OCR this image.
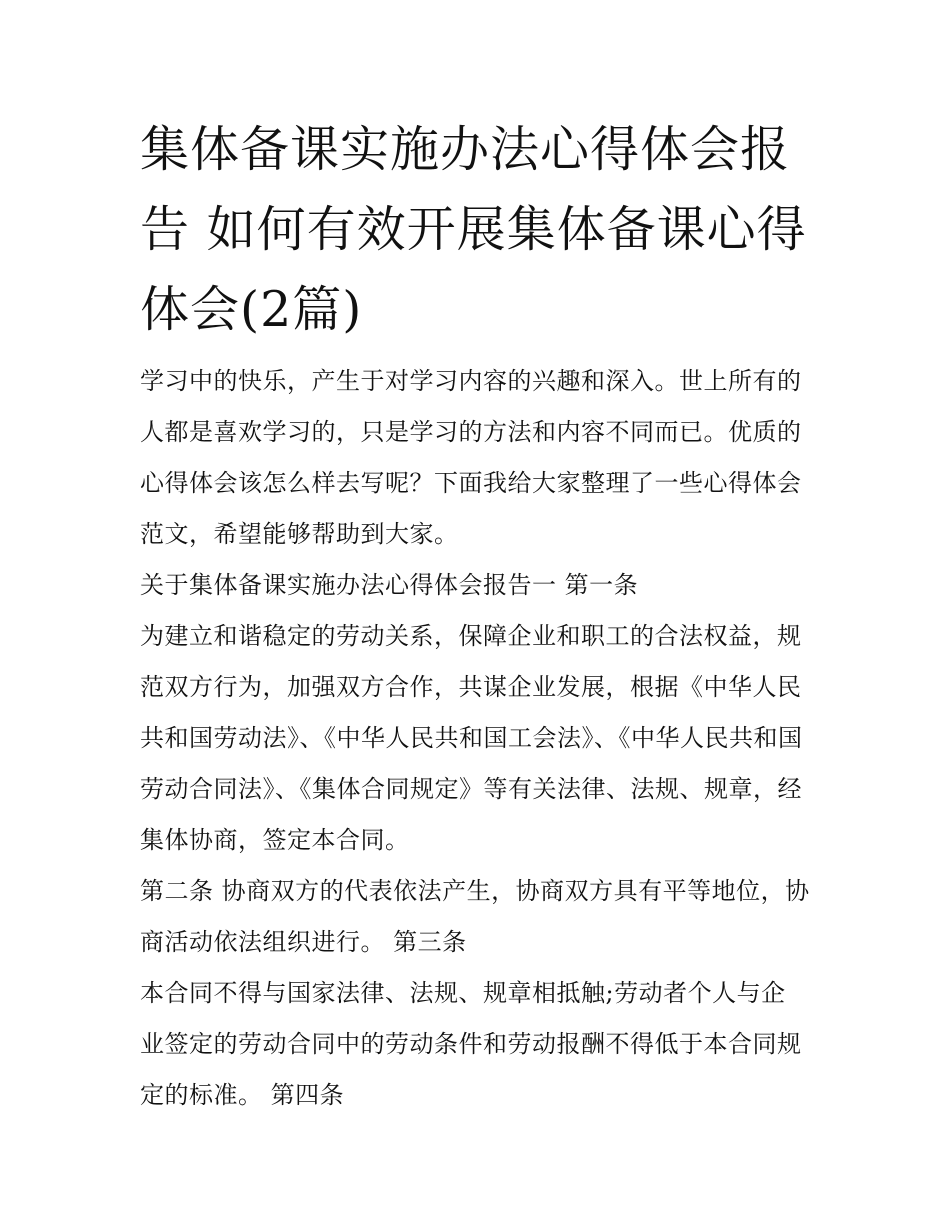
集体备课实施办法心得体会报告 如何有效开展集体备课心得体会(2篇)

学习中的快乐，产生于对学习内容的兴趣和深入。世上所有的人都是喜欢学习的，只是学习的方法和内容不同而已。优质的心得体会该怎么样去写呢？下面我给大家整理了一些心得体会范文，希望能够帮助到大家。

关于集体备课实施办法心得体会报告一 第一条

为建立和谐稳定的劳动关系，保障企业和职工的合法权益，规范双方行为，加强双方合作，共谋企业发展，根据《中华人民共和国劳动法》、《中华人民共和国工会法》、《中华人民共和国劳动合同法》、《集体合同规定》等有关法律、法规、规章，经集体协商，签定本合同。

第二条 协商双方的代表依法产生，协商双方具有平等地位，协商活动依法组织进行。 第三条

本合同不得与国家法律、法规、规章相抵触;劳动者个人与企业签定的劳动合同中的劳动条件和劳动报酬不得低于本合同规定的标准。 第四条
